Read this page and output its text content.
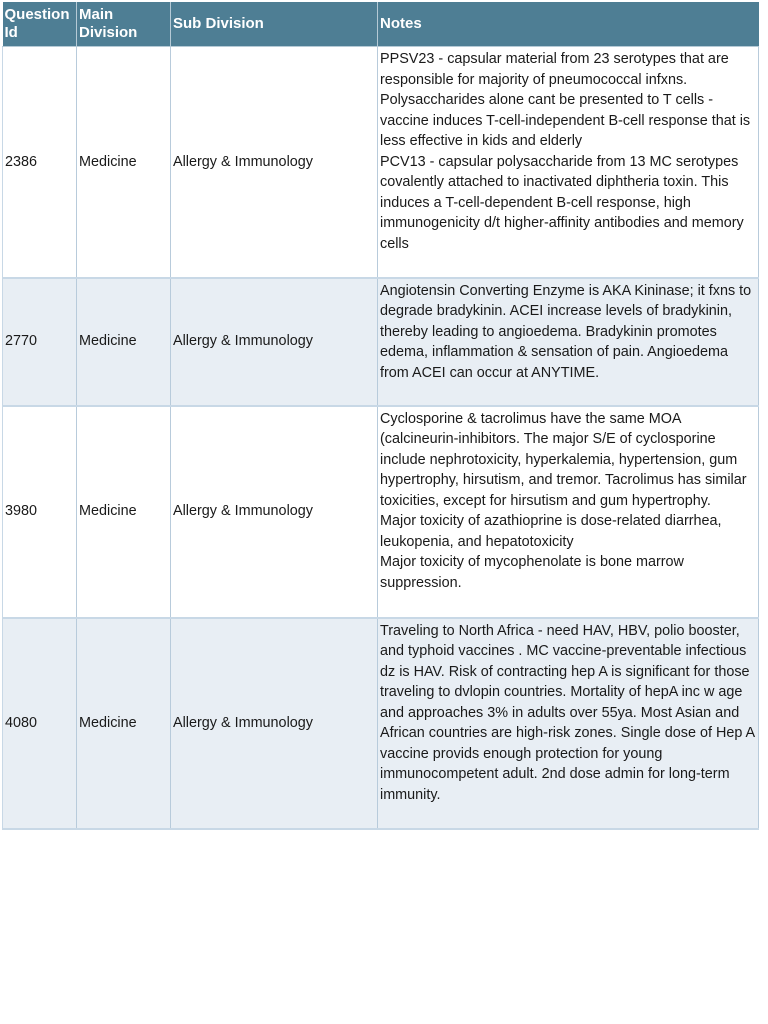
Question Id	Main Division	Sub Division	Notes
2386	Medicine	Allergy & Immunology	PPSV23 - capsular material from 23 serotypes that are responsible for majority of pneumococcal infxns. Polysaccharides alone cant be presented to T cells - vaccine induces T-cell-independent B-cell response that is less effective in kids and elderly
PCV13 - capsular polysaccharide from 13 MC serotypes covalently attached to inactivated diphtheria toxin. This induces a T-cell-dependent B-cell response, high immunogenicity d/t higher-affinity antibodies and memory cells
2770	Medicine	Allergy & Immunology	Angiotensin Converting Enzyme is AKA Kininase; it fxns to degrade bradykinin. ACEI increase levels of bradykinin, thereby leading to angioedema. Bradykinin promotes edema, inflammation & sensation of pain. Angioedema from ACEI can occur at ANYTIME.
3980	Medicine	Allergy & Immunology	Cyclosporine & tacrolimus have the same MOA (calcineurin-inhibitors. The major S/E of cyclosporine include nephrotoxicity, hyperkalemia, hypertension, gum hypertrophy, hirsutism, and tremor. Tacrolimus has similar toxicities, except for hirsutism and gum hypertrophy.
Major toxicity of azathioprine is dose-related diarrhea, leukopenia, and hepatotoxicity
Major toxicity of mycophenolate is bone marrow suppression.
4080	Medicine	Allergy & Immunology	Traveling to North Africa - need HAV, HBV, polio booster, and typhoid vaccines . MC vaccine-preventable infectious dz is HAV. Risk of contracting hep A is significant for those traveling to dvlopin countries. Mortality of hepA inc w age and approaches 3% in adults over 55ya. Most Asian and African countries are high-risk zones. Single dose of Hep A vaccine provids enough protection for young immunocompetent adult. 2nd dose admin for long-term immunity.
